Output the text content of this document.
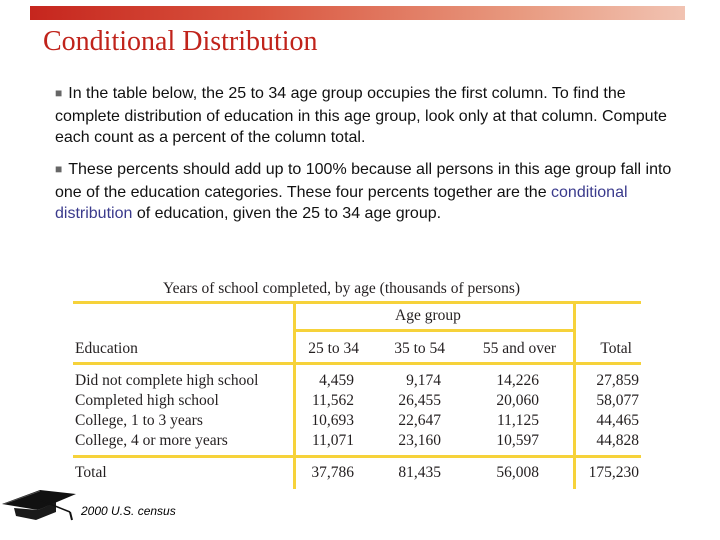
Conditional Distribution
■ In the table below, the 25 to 34 age group occupies the first column. To find the complete distribution of education in this age group, look only at that column. Compute each count as a percent of the column total.
■ These percents should add up to 100% because all persons in this age group fall into one of the education categories. These four percents together are the conditional distribution of education, given the 25 to 34 age group.
Years of school completed, by age (thousands of persons)
Age group
Education	25 to 34	35 to 54	55 and over	Total
Did not complete high school	4,459	9,174	14,226	27,859
Completed high school	11,562	26,455	20,060	58,077
College, 1 to 3 years	10,693	22,647	11,125	44,465
College, 4 or more years	11,071	23,160	10,597	44,828
Total	37,786	81,435	56,008	175,230
2000 U.S. census
